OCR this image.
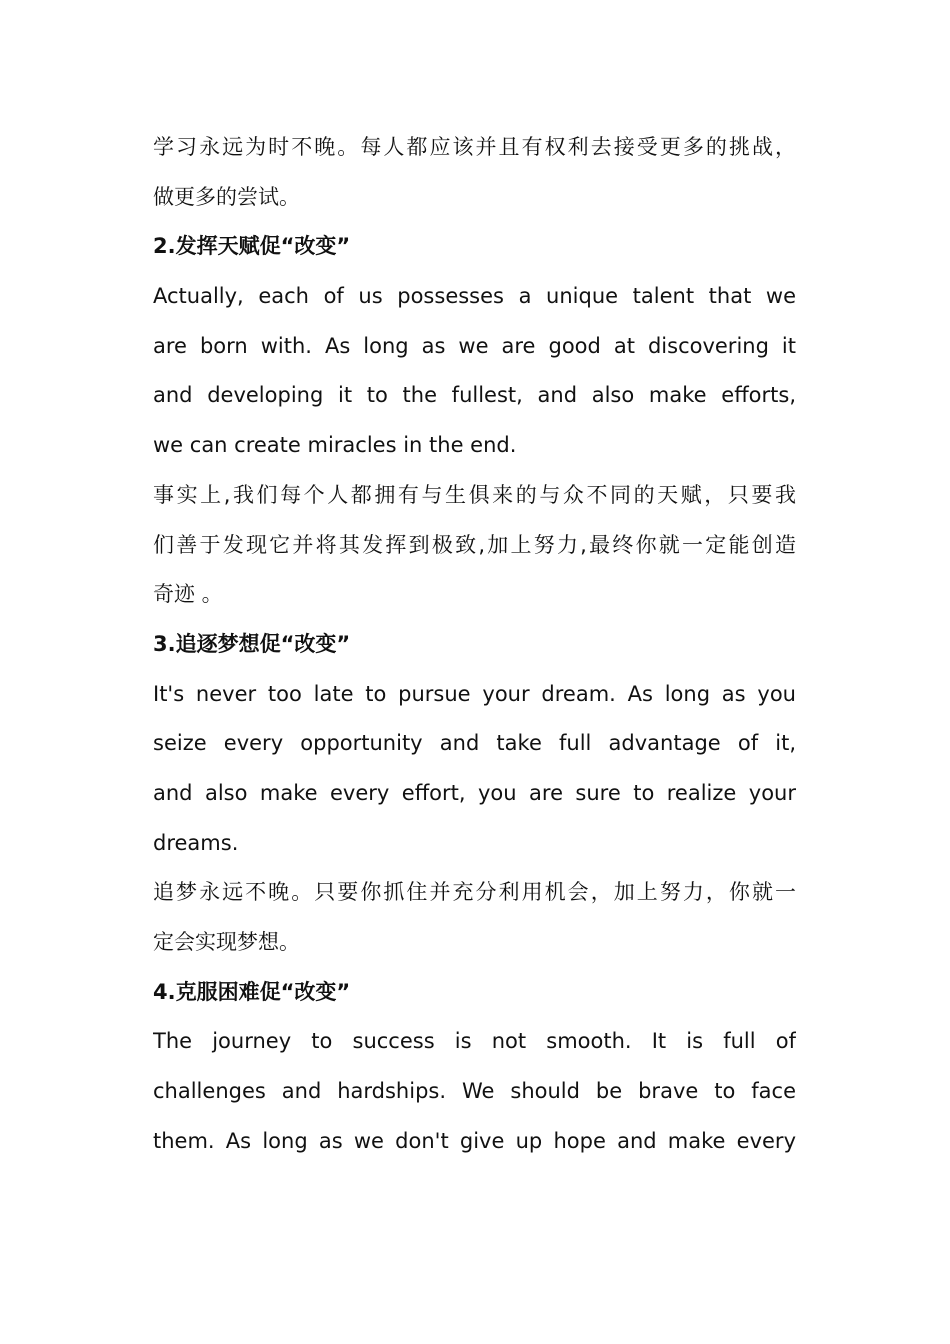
学习永远为时不晚。每人都应该并且有权利去接受更多的挑战，
做更多的尝试。
2.发挥天赋促“改变”
Actually, each of us possesses a unique talent that we
are born with. As long as we are good at discovering it
and developing it to the fullest, and also make efforts,
we can create miracles in the end.
事实上,我们每个人都拥有与生俱来的与众不同的天赋，只要我
们善于发现它并将其发挥到极致,加上努力,最终你就一定能创造
奇迹 。
3.追逐梦想促“改变”
It's never too late to pursue your dream. As long as you
seize every opportunity and take full advantage of it,
and also make every effort, you are sure to realize your
dreams.
追梦永远不晚。只要你抓住并充分利用机会，加上努力，你就一
定会实现梦想。
4.克服困难促“改变”
The journey to success is not smooth. It is full of
challenges and hardships. We should be brave to face
them. As long as we don't give up hope and make every
